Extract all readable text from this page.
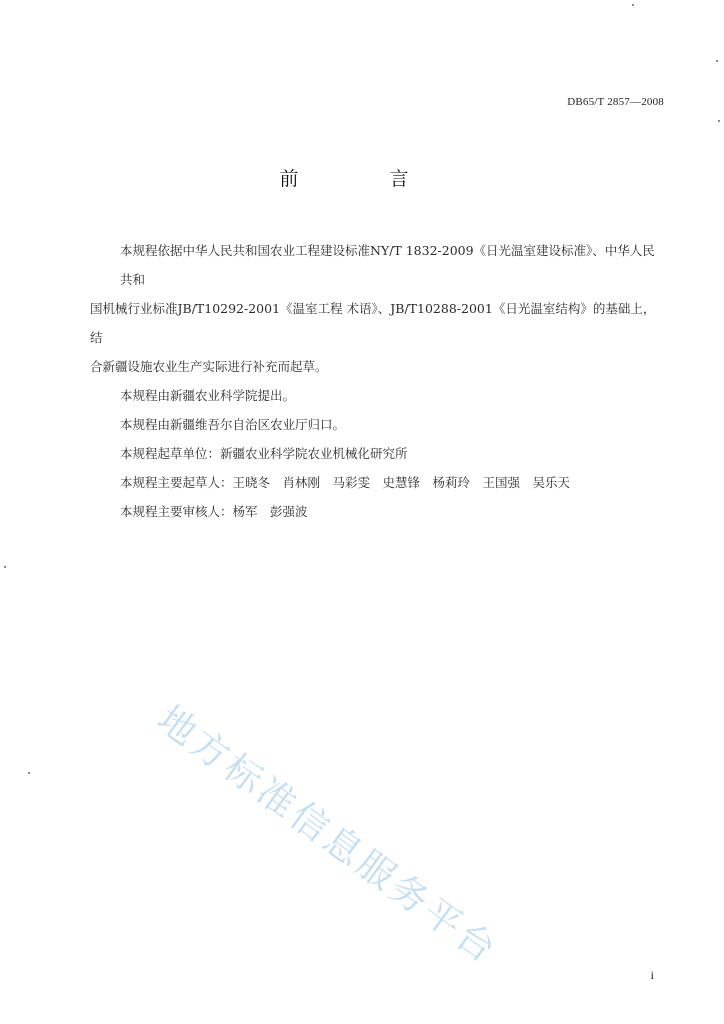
DB65/T 2857—2008
前　言

本规程依据中华人民共和国农业工程建设标准NY/T 1832-2009《日光温室建设标准》、中华人民共和

国机械行业标准JB/T10292-2001《温室工程 术语》、JB/T10288-2001《日光温室结构》的基础上，结

合新疆设施农业生产实际进行补充而起草。

本规程由新疆农业科学院提出。

本规程由新疆维吾尔自治区农业厅归口。

本规程起草单位：新疆农业科学院农业机械化研究所

本规程主要起草人：王晓冬　肖林刚　马彩雯　史慧锋　杨莉玲　王国强　吴乐天

本规程主要审核人：杨军　彭强波

地方标准信息服务平台
i
